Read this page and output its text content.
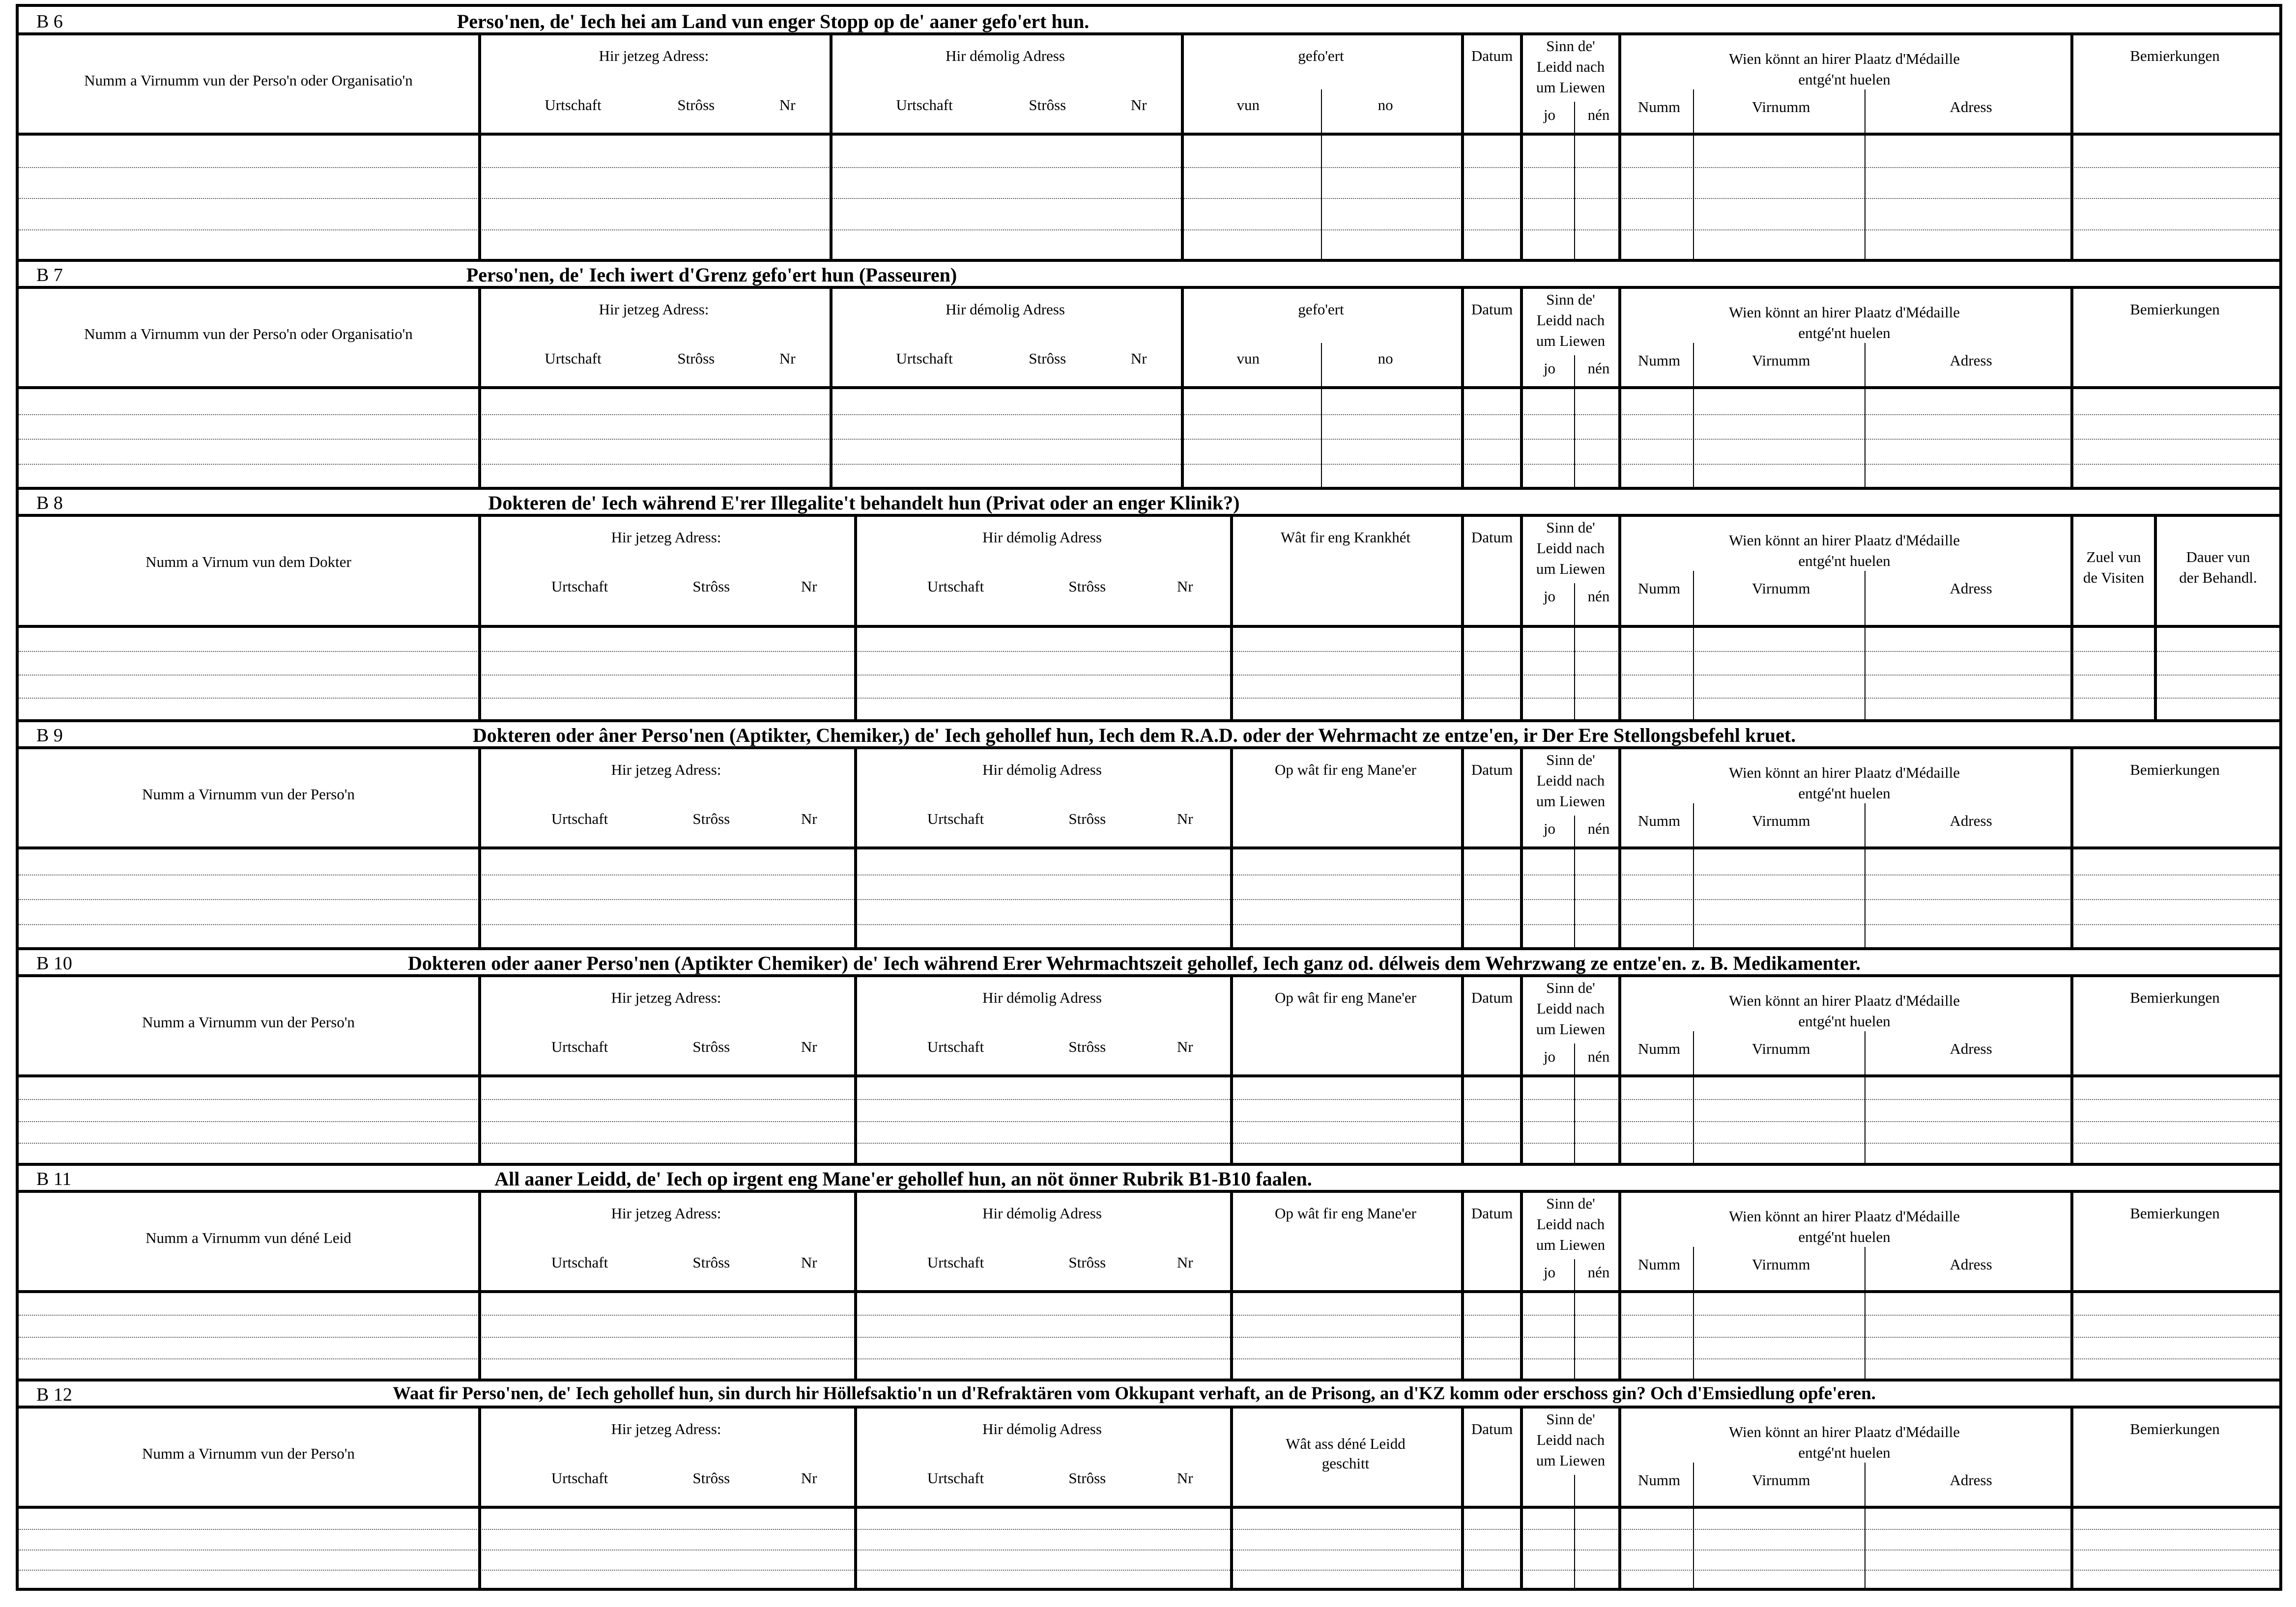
B 6	Perso'nen, de' Iech hei am Land vun enger Stopp op de' aaner gefo'ert hun.
Numm a Virnumm vun der Perso'n oder Organisatio'n
Hir jetzeg Adress:
Urtschaft	Strôss	Nr
Hir démolig Adress
Urtschaft	Strôss	Nr
gefo'ert
vun	no
Datum
Sinn de'
Leidd nach
um Liewen
jo nén
Wien könnt an hirer Plaatz d'Médaille
entgé'nt huelen
Numm	Virnumm	Adress
Bemierkungen
B 7	Perso'nen, de' Iech iwert d'Grenz gefo'ert hun (Passeuren)
Numm a Virnumm vun der Perso'n oder Organisatio'n
Hir jetzeg Adress:
Urtschaft	Strôss	Nr
Hir démolig Adress
Urtschaft	Strôss	Nr
gefo'ert
vun	no
Datum
Sinn de'
Leidd nach
um Liewen
jo nén
Wien könnt an hirer Plaatz d'Médaille
entgé'nt huelen
Numm	Virnumm	Adress
Bemierkungen
B 8	Dokteren de' Iech während E'rer Illegalite't behandelt hun (Privat oder an enger Klinik?)
Numm a Virnum vun dem Dokter
Hir jetzeg Adress:
Urtschaft	Strôss	Nr
Hir démolig Adress
Urtschaft	Strôss	Nr
Wât fir eng Krankhét	Datum
Sinn de'
Leidd nach
um Liewen
jo nén
Wien könnt an hirer Plaatz d'Médaille
entgé'nt huelen
Numm	Virnumm	Adress
Zuel vun
de Visiten
Dauer vun
der Behandl.
B 9	Dokteren oder âner Perso'nen (Aptikter, Chemiker,) de' Iech gehollef hun, Iech dem R.A.D. oder der Wehrmacht ze entze'en, ir Der Ere Stellongsbefehl kruet.
Numm a Virnumm vun der Perso'n
Hir jetzeg Adress:
Urtschaft	Strôss	Nr
Hir démolig Adress
Urtschaft	Strôss	Nr
Op wât fir eng Mane'er	Datum
Sinn de'
Leidd nach
um Liewen
jo nén
Wien könnt an hirer Plaatz d'Médaille
entgé'nt huelen
Numm	Virnumm	Adress
Bemierkungen
B 10	Dokteren oder aaner Perso'nen (Aptikter Chemiker) de' Iech während Erer Wehrmachtszeit gehollef, Iech ganz od. délweis dem Wehrzwang ze entze'en. z. B. Medikamenter.
Numm a Virnumm vun der Perso'n
Hir jetzeg Adress:
Urtschaft	Strôss	Nr
Hir démolig Adress
Urtschaft	Strôss	Nr
Op wât fir eng Mane'er	Datum
Sinn de'
Leidd nach
um Liewen
jo nén
Wien könnt an hirer Plaatz d'Médaille
entgé'nt huelen
Numm	Virnumm	Adress
Bemierkungen
B 11	All aaner Leidd, de' Iech op irgent eng Mane'er gehollef hun, an nöt önner Rubrik B1-B10 faalen.
Numm a Virnumm vun déné Leid
Hir jetzeg Adress:
Urtschaft	Strôss	Nr
Hir démolig Adress
Urtschaft	Strôss	Nr
Op wât fir eng Mane'er	Datum
Sinn de'
Leidd nach
um Liewen
jo nén
Wien könnt an hirer Plaatz d'Médaille
entgé'nt huelen
Numm	Virnumm	Adress
Bemierkungen
B 12	Waat fir Perso'nen, de' Iech gehollef hun, sin durch hir Höllefsaktio'n un d'Refraktären vom Okkupant verhaft, an de Prisong, an d'KZ komm oder erschoss gin? Och d'Emsiedlung opfe'eren.
Numm a Virnumm vun der Perso'n
Hir jetzeg Adress:
Urtschaft	Strôss	Nr
Hir démolig Adress
Urtschaft	Strôss	Nr
Wât ass déné Leidd
geschitt
Datum
Sinn de'
Leidd nach
um Liewen
Wien könnt an hirer Plaatz d'Médaille
entgé'nt huelen
Numm	Virnumm	Adress
Bemierkungen
